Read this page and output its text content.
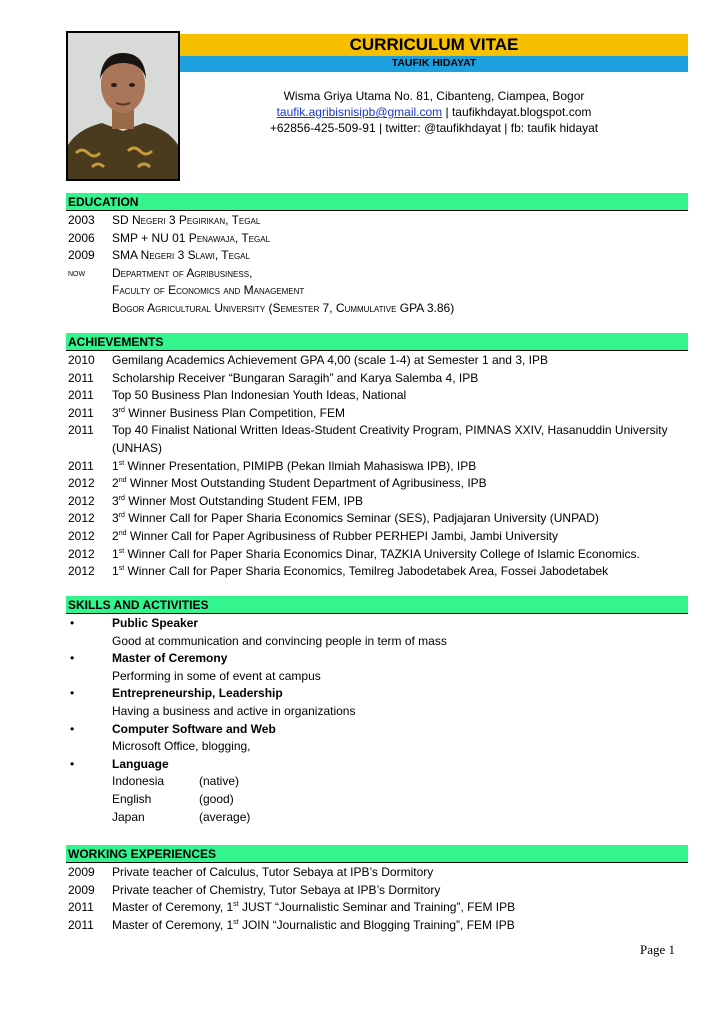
CURRICULUM VITAE
TAUFIK HIDAYAT
Wisma Griya Utama No. 81, Cibanteng, Ciampea, Bogor
taufik.agribisnisipb@gmail.com | taufikhdayat.blogspot.com
+62856-425-509-91 | twitter: @taufikhdayat | fb: taufik hidayat
EDUCATION
2003	SD Negeri 3 Pegirikan, Tegal
2006	SMP + NU 01 Penawaja, Tegal
2009	SMA Negeri 3 Slawi, Tegal
now	Department of Agribusiness,
Faculty of Economics and Management
Bogor Agricultural University (Semester 7, Cummulative GPA 3.86)
ACHIEVEMENTS
2010	Gemilang Academics Achievement GPA 4,00 (scale 1-4) at Semester 1 and 3, IPB
2011	Scholarship Receiver “Bungaran Saragih” and Karya Salemba 4, IPB
2011	Top 50 Business Plan Indonesian Youth Ideas, National
2011	3rd Winner Business Plan Competition, FEM
2011	Top 40 Finalist National Written Ideas-Student Creativity Program, PIMNAS XXIV, Hasanuddin University (UNHAS)
2011	1st Winner Presentation, PIMIPB (Pekan Ilmiah Mahasiswa IPB), IPB
2012	2nd Winner Most Outstanding Student Department of Agribusiness, IPB
2012	3rd Winner Most Outstanding Student FEM, IPB
2012	3rd Winner Call for Paper Sharia Economics Seminar (SES), Padjajaran University (UNPAD)
2012	2nd Winner Call for Paper Agribusiness of Rubber PERHEPI Jambi, Jambi University
2012	1st Winner Call for Paper Sharia Economics Dinar, TAZKIA University College of Islamic Economics.
2012	1st Winner Call for Paper Sharia Economics, Temilreg Jabodetabek Area, Fossei Jabodetabek
SKILLS AND ACTIVITIES
•	Public Speaker
Good at communication and convincing people in term of mass
•	Master of Ceremony
Performing in some of event at campus
•	Entrepreneurship, Leadership
Having a business and active in organizations
•	Computer Software and Web
Microsoft Office, blogging,
•	Language
Indonesia	(native)
English	(good)
Japan	(average)
WORKING EXPERIENCES
2009	Private teacher of Calculus, Tutor Sebaya at IPB’s Dormitory
2009	Private teacher of Chemistry, Tutor Sebaya at IPB’s Dormitory
2011	Master of Ceremony, 1st JUST “Journalistic Seminar and Training”, FEM IPB
2011	Master of Ceremony, 1st JOIN “Journalistic and Blogging Training”, FEM IPB
Page 1
